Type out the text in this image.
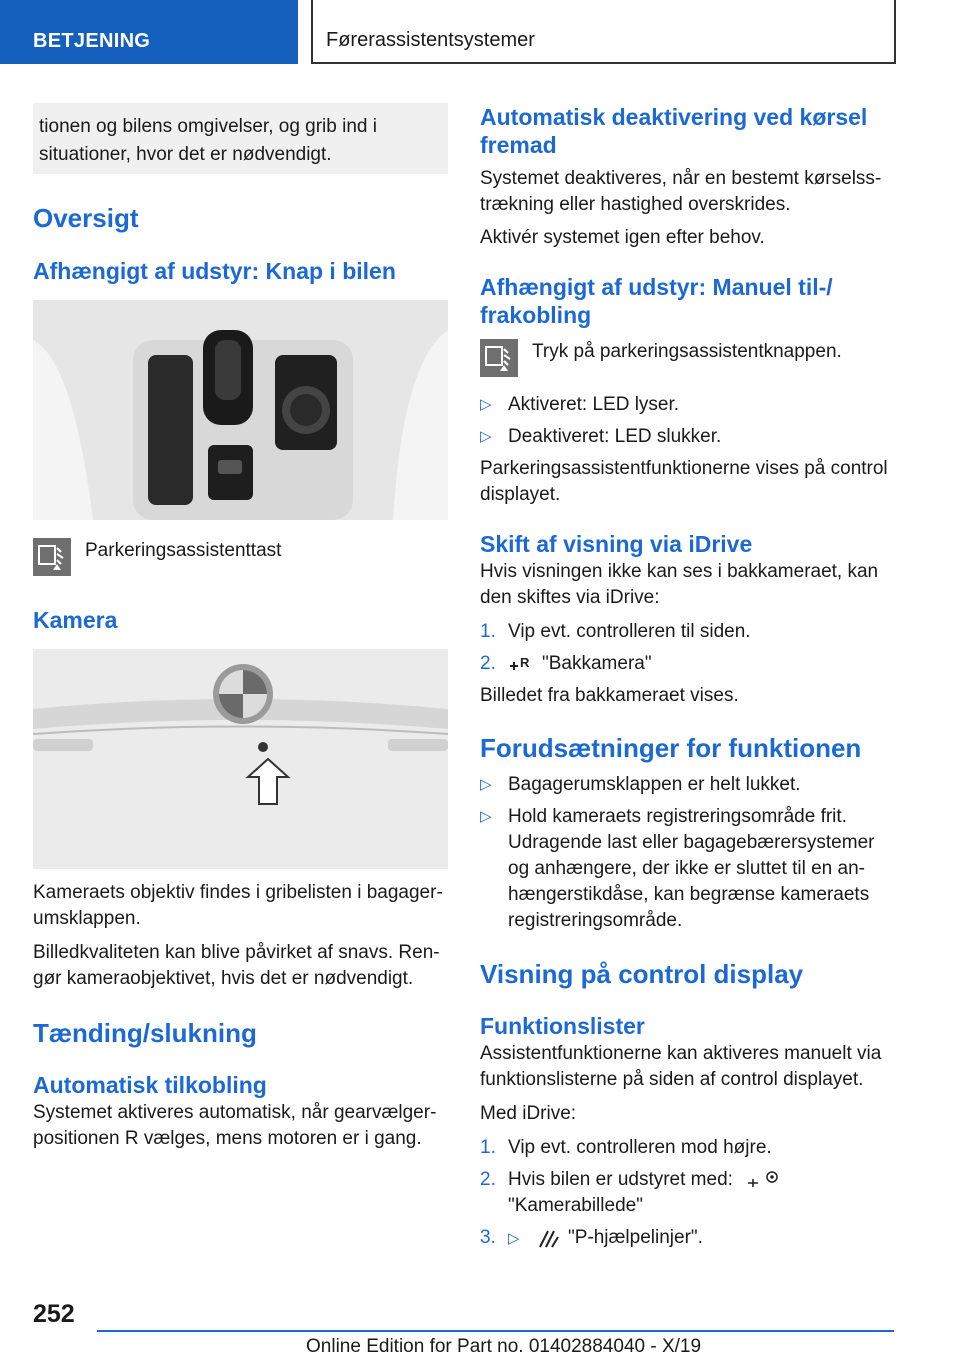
BETJENING	Førerassistentsystemer
tionen og bilens omgivelser, og grib ind i situationer, hvor det er nødvendigt.
Oversigt
Afhængigt af udstyr: Knap i bilen

Parkeringsassistenttast

Kamera

Kameraets objektiv findes i gribelisten i bagagerumsklappen.

Billedkvaliteten kan blive påvirket af snavs. Rengør kameraobjektivet, hvis det er nødvendigt.

Tænding/slukning
Automatisk tilkobling

Systemet aktiveres automatisk, når gearvælgerpositionen R vælges, mens motoren er i gang.

Automatisk deaktivering ved kørsel fremad

Systemet deaktiveres, når en bestemt kørselsstrækning eller hastighed overskrides.

Aktivér systemet igen efter behov.

Afhængigt af udstyr: Manuel til-/ frakobling

Tryk på parkeringsassistentknappen.

▷ Aktiveret: LED lyser.
▷ Deaktiveret: LED slukker.

Parkeringsassistentfunktionerne vises på control displayet.

Skift af visning via iDrive

Hvis visningen ikke kan ses i bakkameraet, kan den skiftes via iDrive:

1. Vip evt. controlleren til siden.
2.	R "Bakkamera"

Billedet fra bakkameraet vises.

Forudsætninger for funktionen
▷ Bagagerumsklappen er helt lukket.
▷ Hold kameraets registreringsområde frit. Udragende last eller bagagebærersystemer og anhængere, der ikke er sluttet til en anhængerstikdåse, kan begrænse kameraets registreringsområde.
Visning på control display
Funktionslister

Assistentfunktionerne kan aktiveres manuelt via funktionslisterne på siden af control displayet.

Med iDrive:

1. Vip evt. controlleren mod højre.
2. Hvis bilen er udstyret med:
"Kamerabillede"
3. ▷	"P-hjælpelinjer".
252
Online Edition for Part no. 01402884040 - X/19
